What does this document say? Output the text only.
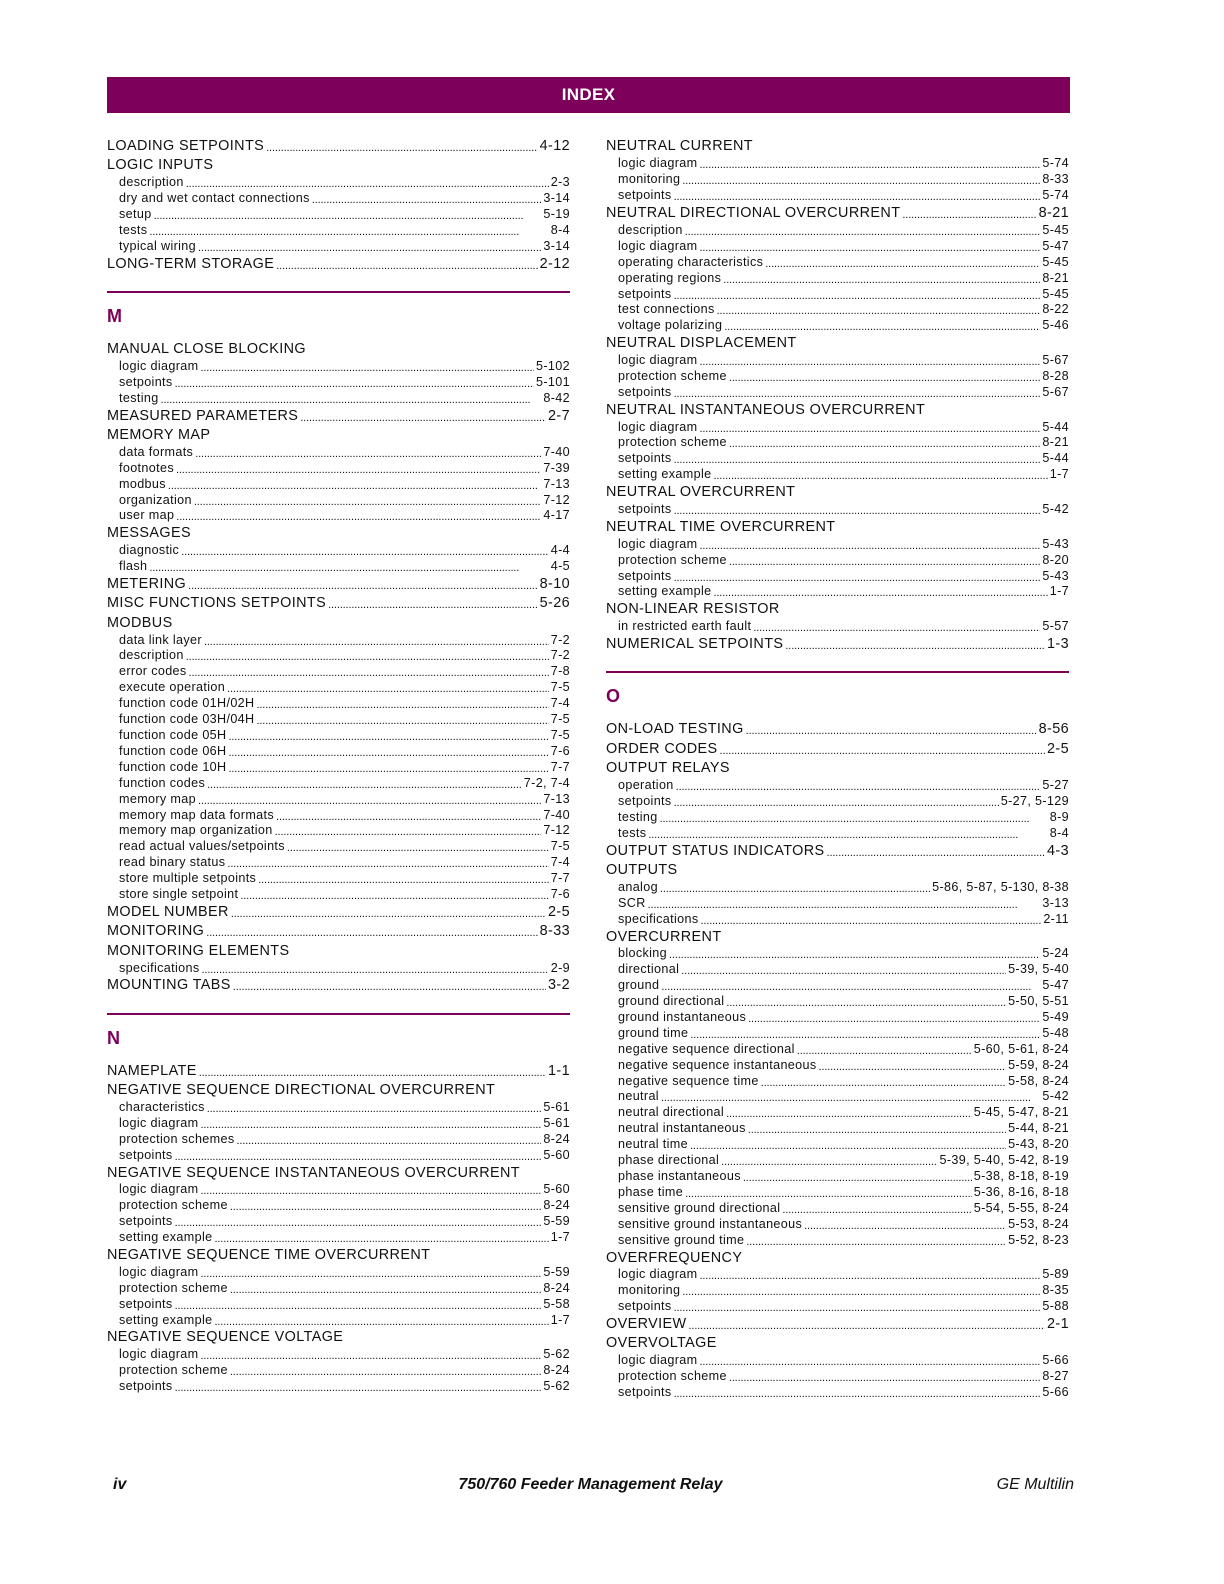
INDEX
LOADING SETPOINTS . . .	4-12
LOGIC INPUTS
description . . .	2-3
dry and wet contact connections . . .	3-14
setup . . .	5-19
tests . . .	8-4
typical wiring . . .	3-14
LONG-TERM STORAGE . . .	2-12
M
MANUAL CLOSE BLOCKING
logic diagram . . .	5-102
setpoints . . .	5-101
testing . . .	8-42
MEASURED PARAMETERS . . .	2-7
MEMORY MAP
data formats . . .	7-40
footnotes . . .	7-39
modbus . . .	7-13
organization . . .	7-12
user map . . .	4-17
MESSAGES
diagnostic . . .	4-4
flash . . .	4-5
METERING . . .	8-10
MISC FUNCTIONS SETPOINTS . . .	5-26
MODBUS
data link layer . . .	7-2
description . . .	7-2
error codes . . .	7-8
execute operation . . .	7-5
function code 01H/02H . . .	7-4
function code 03H/04H . . .	7-5
function code 05H . . .	7-5
function code 06H . . .	7-6
function code 10H . . .	7-7
function codes . . .	7-2, 7-4
memory map . . .	7-13
memory map data formats . . .	7-40
memory map organization . . .	7-12
read actual values/setpoints . . .	7-5
read binary status . . .	7-4
store multiple setpoints . . .	7-7
store single setpoint . . .	7-6
MODEL NUMBER . . .	2-5
MONITORING . . .	8-33
MONITORING ELEMENTS
specifications . . .	2-9
MOUNTING TABS . . .	3-2
N
NAMEPLATE . . .	1-1
NEGATIVE SEQUENCE DIRECTIONAL OVERCURRENT
characteristics . . .	5-61
logic diagram . . .	5-61
protection schemes . . .	8-24
setpoints . . .	5-60
NEGATIVE SEQUENCE INSTANTANEOUS OVERCURRENT
logic diagram . . .	5-60
protection scheme . . .	8-24
setpoints . . .	5-59
setting example . . .	1-7
NEGATIVE SEQUENCE TIME OVERCURRENT
logic diagram . . .	5-59
protection scheme . . .	8-24
setpoints . . .	5-58
setting example . . .	1-7
NEGATIVE SEQUENCE VOLTAGE
logic diagram . . .	5-62
protection scheme . . .	8-24
setpoints . . .	5-62
NEUTRAL CURRENT
logic diagram . . .	5-74
monitoring . . .	8-33
setpoints . . .	5-74
NEUTRAL DIRECTIONAL OVERCURRENT . . .	8-21
description . . .	5-45
logic diagram . . .	5-47
operating characteristics . . .	5-45
operating regions . . .	8-21
setpoints . . .	5-45
test connections . . .	8-22
voltage polarizing . . .	5-46
NEUTRAL DISPLACEMENT
logic diagram . . .	5-67
protection scheme . . .	8-28
setpoints . . .	5-67
NEUTRAL INSTANTANEOUS OVERCURRENT
logic diagram . . .	5-44
protection scheme . . .	8-21
setpoints . . .	5-44
setting example . . .	1-7
NEUTRAL OVERCURRENT
setpoints . . .	5-42
NEUTRAL TIME OVERCURRENT
logic diagram . . .	5-43
protection scheme . . .	8-20
setpoints . . .	5-43
setting example . . .	1-7
NON-LINEAR RESISTOR
in restricted earth fault . . .	5-57
NUMERICAL SETPOINTS . . .	1-3
O
ON-LOAD TESTING . . .	8-56
ORDER CODES . . .	2-5
OUTPUT RELAYS
operation . . .	5-27
setpoints . . .	5-27, 5-129
testing . . .	8-9
tests . . .	8-4
OUTPUT STATUS INDICATORS . . .	4-3
OUTPUTS
analog . . .	5-86, 5-87, 5-130, 8-38
SCR . . .	3-13
specifications . . .	2-11
OVERCURRENT
blocking . . .	5-24
directional . . .	5-39, 5-40
ground . . .	5-47
ground directional . . .	5-50, 5-51
ground instantaneous . . .	5-49
ground time . . .	5-48
negative sequence directional . . .	5-60, 5-61, 8-24
negative sequence instantaneous . . .	5-59, 8-24
negative sequence time . . .	5-58, 8-24
neutral . . .	5-42
neutral directional . . .	5-45, 5-47, 8-21
neutral instantaneous . . .	5-44, 8-21
neutral time . . .	5-43, 8-20
phase directional . . .	5-39, 5-40, 5-42, 8-19
phase instantaneous . . .	5-38, 8-18, 8-19
phase time . . .	5-36, 8-16, 8-18
sensitive ground directional . . .	5-54, 5-55, 8-24
sensitive ground instantaneous . . .	5-53, 8-24
sensitive ground time . . .	5-52, 8-23
OVERFREQUENCY
logic diagram . . .	5-89
monitoring . . .	8-35
setpoints . . .	5-88
OVERVIEW . . .	2-1
OVERVOLTAGE
logic diagram . . .	5-66
protection scheme . . .	8-27
setpoints . . .	5-66
iv	750/760 Feeder Management Relay	GE Multilin
